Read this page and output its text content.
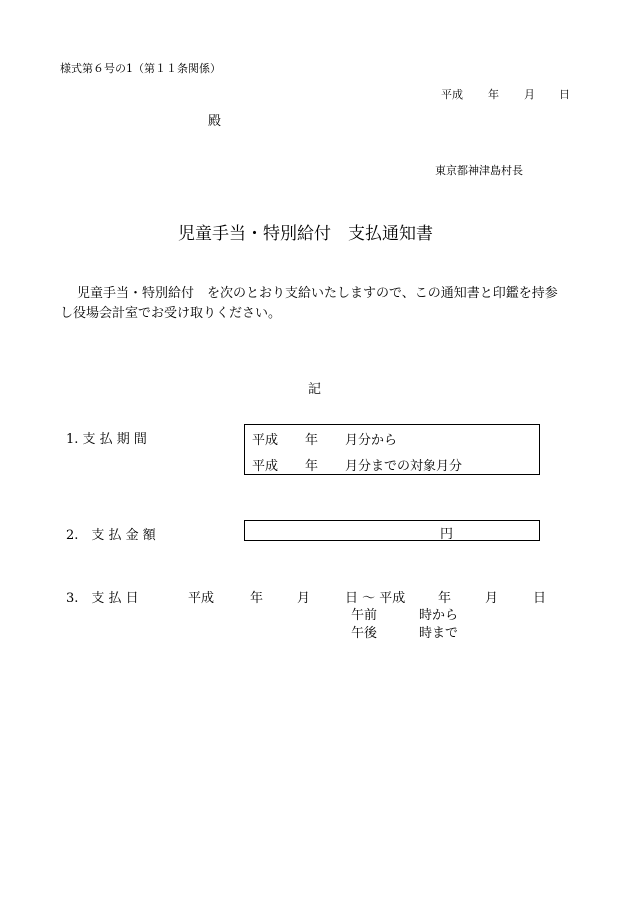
様式第６号の1（第１１条関係）
平成 年 月 日
殿
東京都神津島村長
児童手当・特別給付　支払通知書
児童手当・特別給付　を次のとおり支給いたしますので、この通知書と印鑑を持参
し役場会計室でお受け取りください。
記
1. 支 払 期 間	平成 年 月分から
平成 年 月分までの対象月分
2.　支 払 金 額	円
3.　支 払 日	平成	年	月	日 ～ 平成	年	月	日
午前	時から
午後	時まで
